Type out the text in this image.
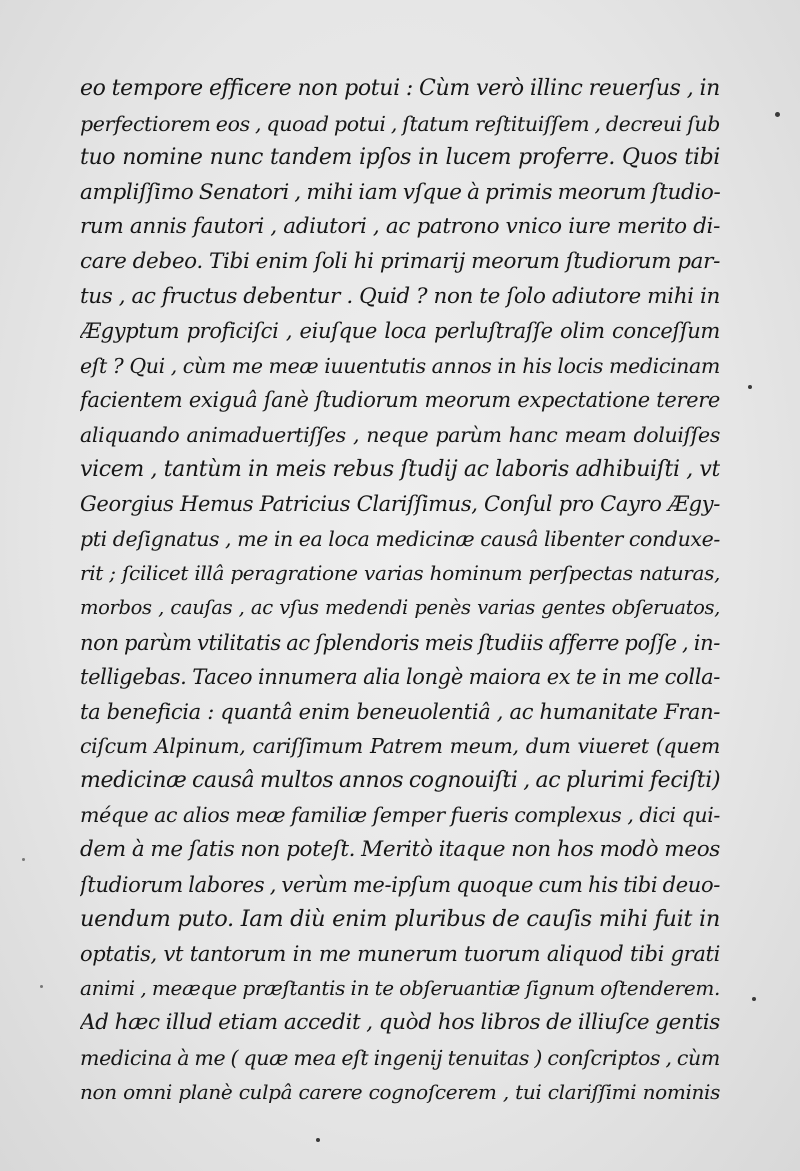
eo tempore efficere non potui : Cùm verò illinc reuerſus , in
perfectiorem eos , quoad potui , ſtatum reſtituiſſem , decreui ſub
tuo nomine nunc tandem ipſos in lucem proferre. Quos tibi
ampliſſimo Senatori , mihi iam vſque à primis meorum ſtudio-
rum annis fautori , adiutori , ac patrono vnico iure merito di-
care debeo. Tibi enim ſoli hi primarij meorum ſtudiorum par-
tus , ac fructus debentur . Quid ? non te ſolo adiutore mihi in
Ægyptum proficiſci , eiuſque loca perluſtraſſe olim conceſſum
eſt ? Qui , cùm me meæ iuuentutis annos in his locis medicinam
facientem exiguâ ſanè ſtudiorum meorum expectatione terere
aliquando animaduertiſſes , neque parùm hanc meam doluiſſes
vicem , tantùm in meis rebus ſtudij ac laboris adhibuiſti , vt
Georgius Hemus Patricius Clariſſimus, Conſul pro Cayro Ægy-
pti deſignatus , me in ea loca medicinæ causâ libenter conduxe-
rit ; ſcilicet illâ peragratione varias hominum perſpectas naturas,
morbos , cauſas , ac vſus medendi penès varias gentes obſeruatos,
non parùm vtilitatis ac ſplendoris meis ſtudiis afferre poſſe , in-
telligebas. Taceo innumera alia longè maiora ex te in me colla-
ta beneficia : quantâ enim beneuolentiâ , ac humanitate Fran-
ciſcum Alpinum, cariſſimum Patrem meum, dum viueret (quem
medicinæ causâ multos annos cognouiſti , ac plurimi feciſti)
méque ac alios meæ familiæ ſemper fueris complexus , dici qui-
dem à me ſatis non poteſt. Meritò itaque non hos modò meos
ſtudiorum labores , verùm me-ipſum quoque cum his tibi deuo-
uendum puto. Iam diù enim pluribus de cauſis mihi fuit in
optatis, vt tantorum in me munerum tuorum aliquod tibi grati
animi , meæque præſtantis in te obſeruantiæ ſignum oſtenderem.
Ad hæc illud etiam accedit , quòd hos libros de illiuſce gentis
medicina à me ( quæ mea eſt ingenij tenuitas ) conſcriptos , cùm
non omni planè culpâ carere cognoſcerem , tui clariſſimi nominis
